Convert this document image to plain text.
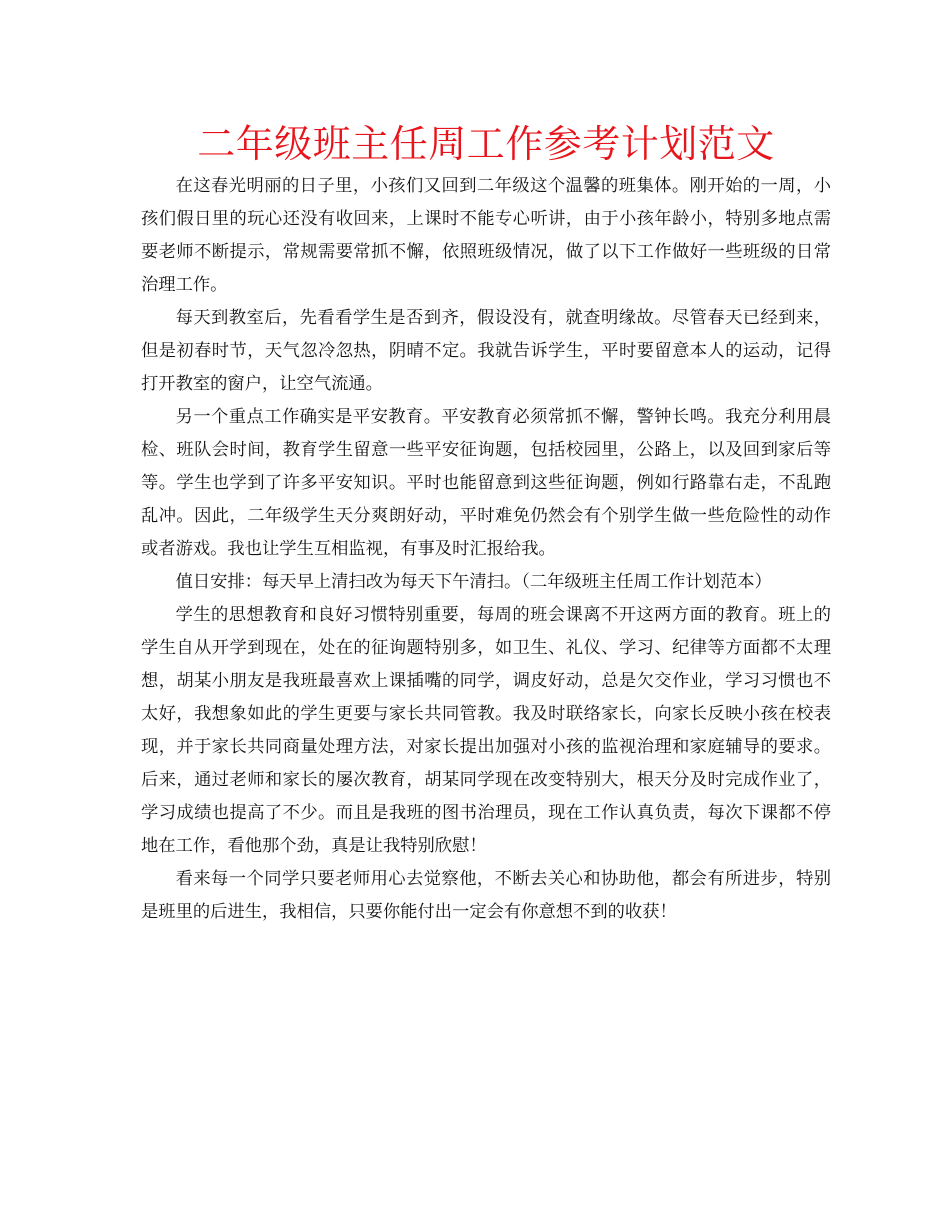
二年级班主任周工作参考计划范文

在这春光明丽的日子里，小孩们又回到二年级这个温馨的班集体。刚开始的一周，小孩们假日里的玩心还没有收回来，上课时不能专心听讲，由于小孩年龄小，特别多地点需要老师不断提示，常规需要常抓不懈，依照班级情况，做了以下工作做好一些班级的日常治理工作。

每天到教室后，先看看学生是否到齐，假设没有，就查明缘故。尽管春天已经到来，但是初春时节，天气忽冷忽热，阴晴不定。我就告诉学生，平时要留意本人的运动，记得打开教室的窗户，让空气流通。

另一个重点工作确实是平安教育。平安教育必须常抓不懈，警钟长鸣。我充分利用晨检、班队会时间，教育学生留意一些平安征询题，包括校园里，公路上，以及回到家后等等。学生也学到了许多平安知识。平时也能留意到这些征询题，例如行路靠右走，不乱跑乱冲。因此，二年级学生天分爽朗好动，平时难免仍然会有个别学生做一些危险性的动作或者游戏。我也让学生互相监视，有事及时汇报给我。

值日安排：每天早上清扫改为每天下午清扫。（二年级班主任周工作计划范本）

学生的思想教育和良好习惯特别重要，每周的班会课离不开这两方面的教育。班上的学生自从开学到现在，处在的征询题特别多，如卫生、礼仪、学习、纪律等方面都不太理想，胡某小朋友是我班最喜欢上课插嘴的同学，调皮好动，总是欠交作业，学习习惯也不太好，我想象如此的学生更要与家长共同管教。我及时联络家长，向家长反映小孩在校表现，并于家长共同商量处理方法，对家长提出加强对小孩的监视治理和家庭辅导的要求。后来，通过老师和家长的屡次教育，胡某同学现在改变特别大，根天分及时完成作业了，学习成绩也提高了不少。而且是我班的图书治理员，现在工作认真负责，每次下课都不停地在工作，看他那个劲，真是让我特别欣慰！

看来每一个同学只要老师用心去觉察他，不断去关心和协助他，都会有所进步，特别是班里的后进生，我相信，只要你能付出一定会有你意想不到的收获！
